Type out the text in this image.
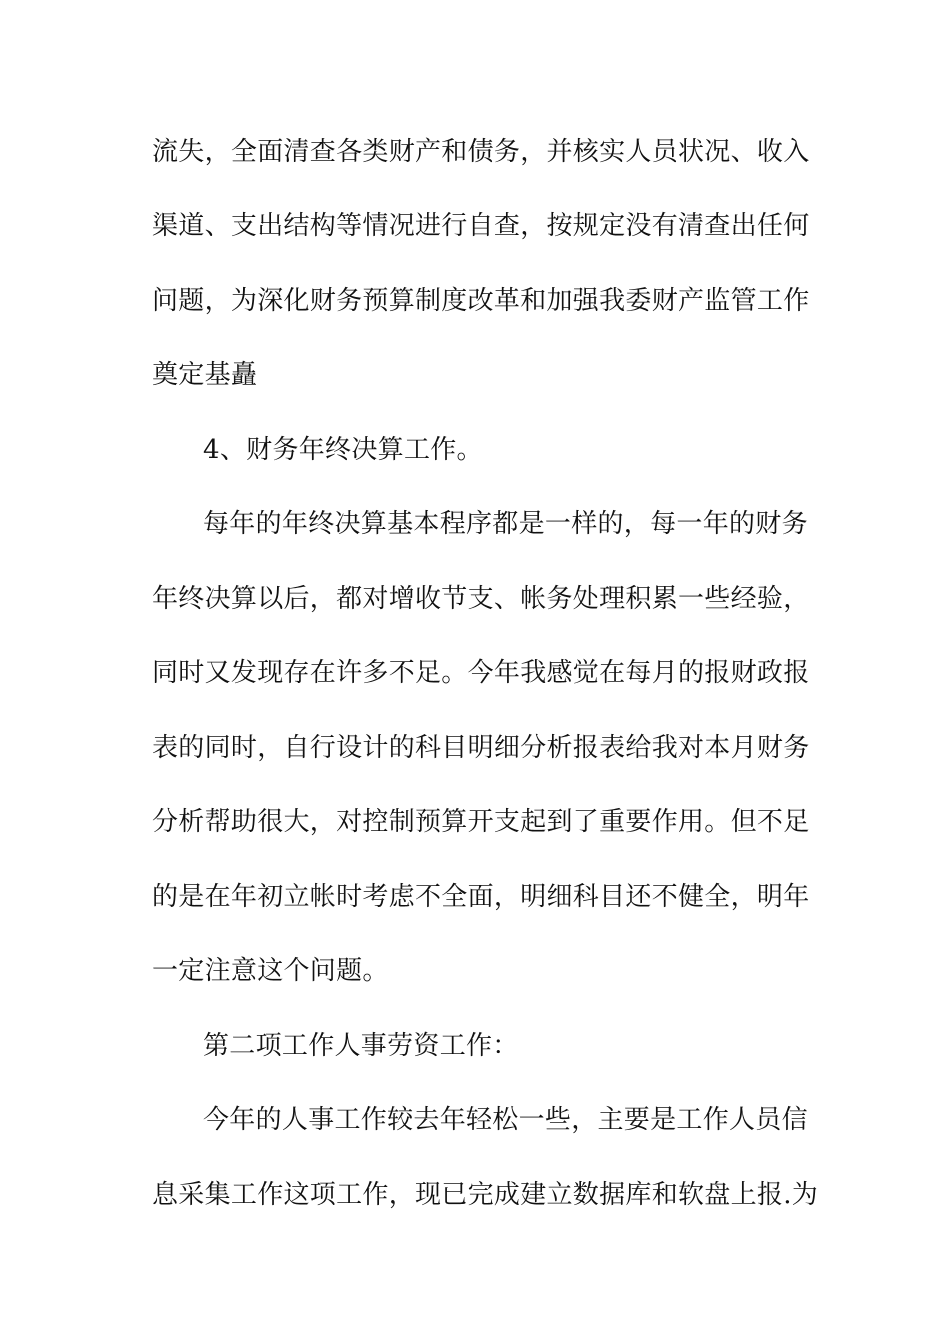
流失，全面清查各类财产和债务，并核实人员状况、收入
渠道、支出结构等情况进行自查，按规定没有清查出任何
问题，为深化财务预算制度改革和加强我委财产监管工作
奠定基矗
4、财务年终决算工作。
每年的年终决算基本程序都是一样的，每一年的财务
年终决算以后，都对增收节支、帐务处理积累一些经验，
同时又发现存在许多不足。今年我感觉在每月的报财政报
表的同时，自行设计的科目明细分析报表给我对本月财务
分析帮助很大，对控制预算开支起到了重要作用。但不足
的是在年初立帐时考虑不全面，明细科目还不健全，明年
一定注意这个问题。
第二项工作人事劳资工作：
今年的人事工作较去年轻松一些，主要是工作人员信
息采集工作这项工作，现已完成建立数据库和软盘上报.为
